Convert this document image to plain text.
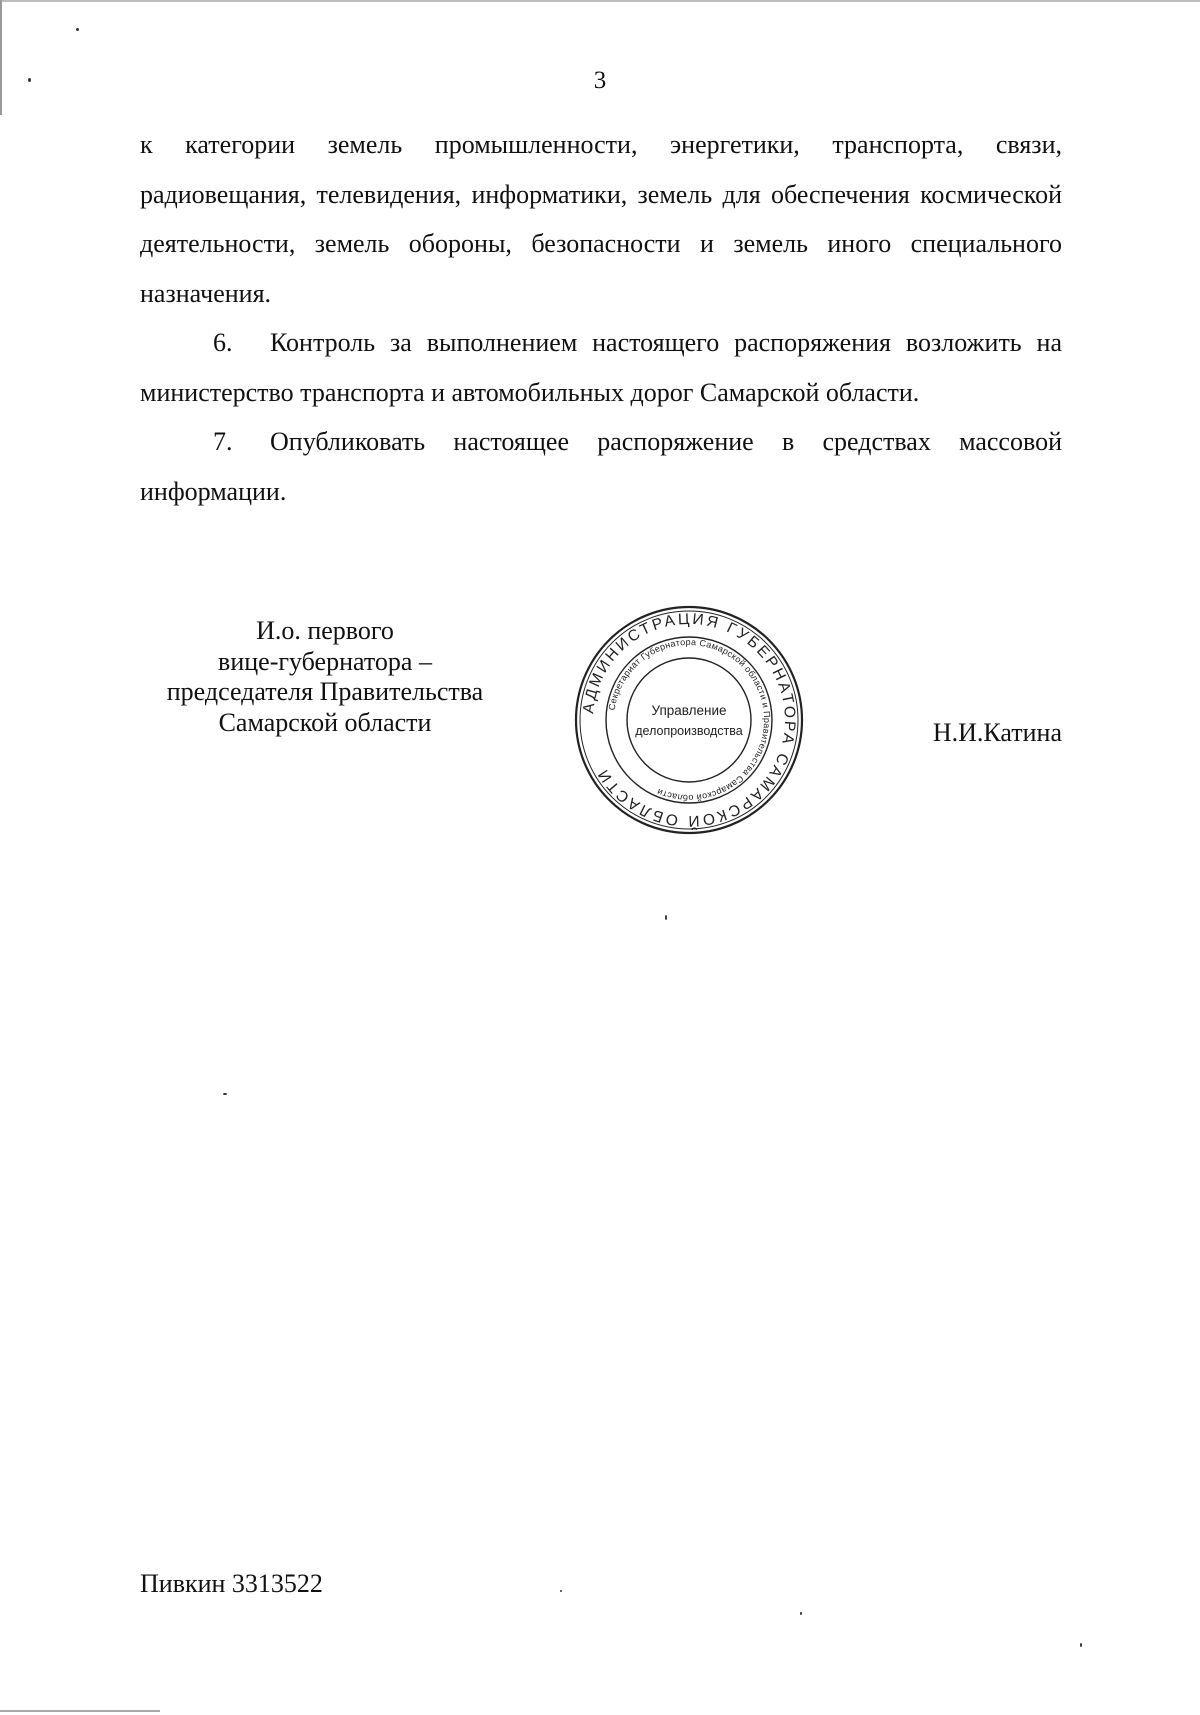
3

к категории земель промышленности, энергетики, транспорта, связи, радиовещания, телевидения, информатики, земель для обеспечения космической деятельности, земель обороны, безопасности и земель иного специального назначения.

6. Контроль за выполнением настоящего распоряжения возложить на министерство транспорта и автомобильных дорог Самарской области.

7. Опубликовать настоящее распоряжение в средствах массовой информации.

И.о. первого
вице-губернатора –
председателя Правительства
Самарской области
АДМИНИСТРАЦИЯ ГУБЕРНАТОРА САМАРСКОЙ ОБЛАСТИ
Секретариат Губернатора Самарской области и Правительства Самарской области
Управление
делопроизводства	Н.И.Катина
Пивкин 3313522
